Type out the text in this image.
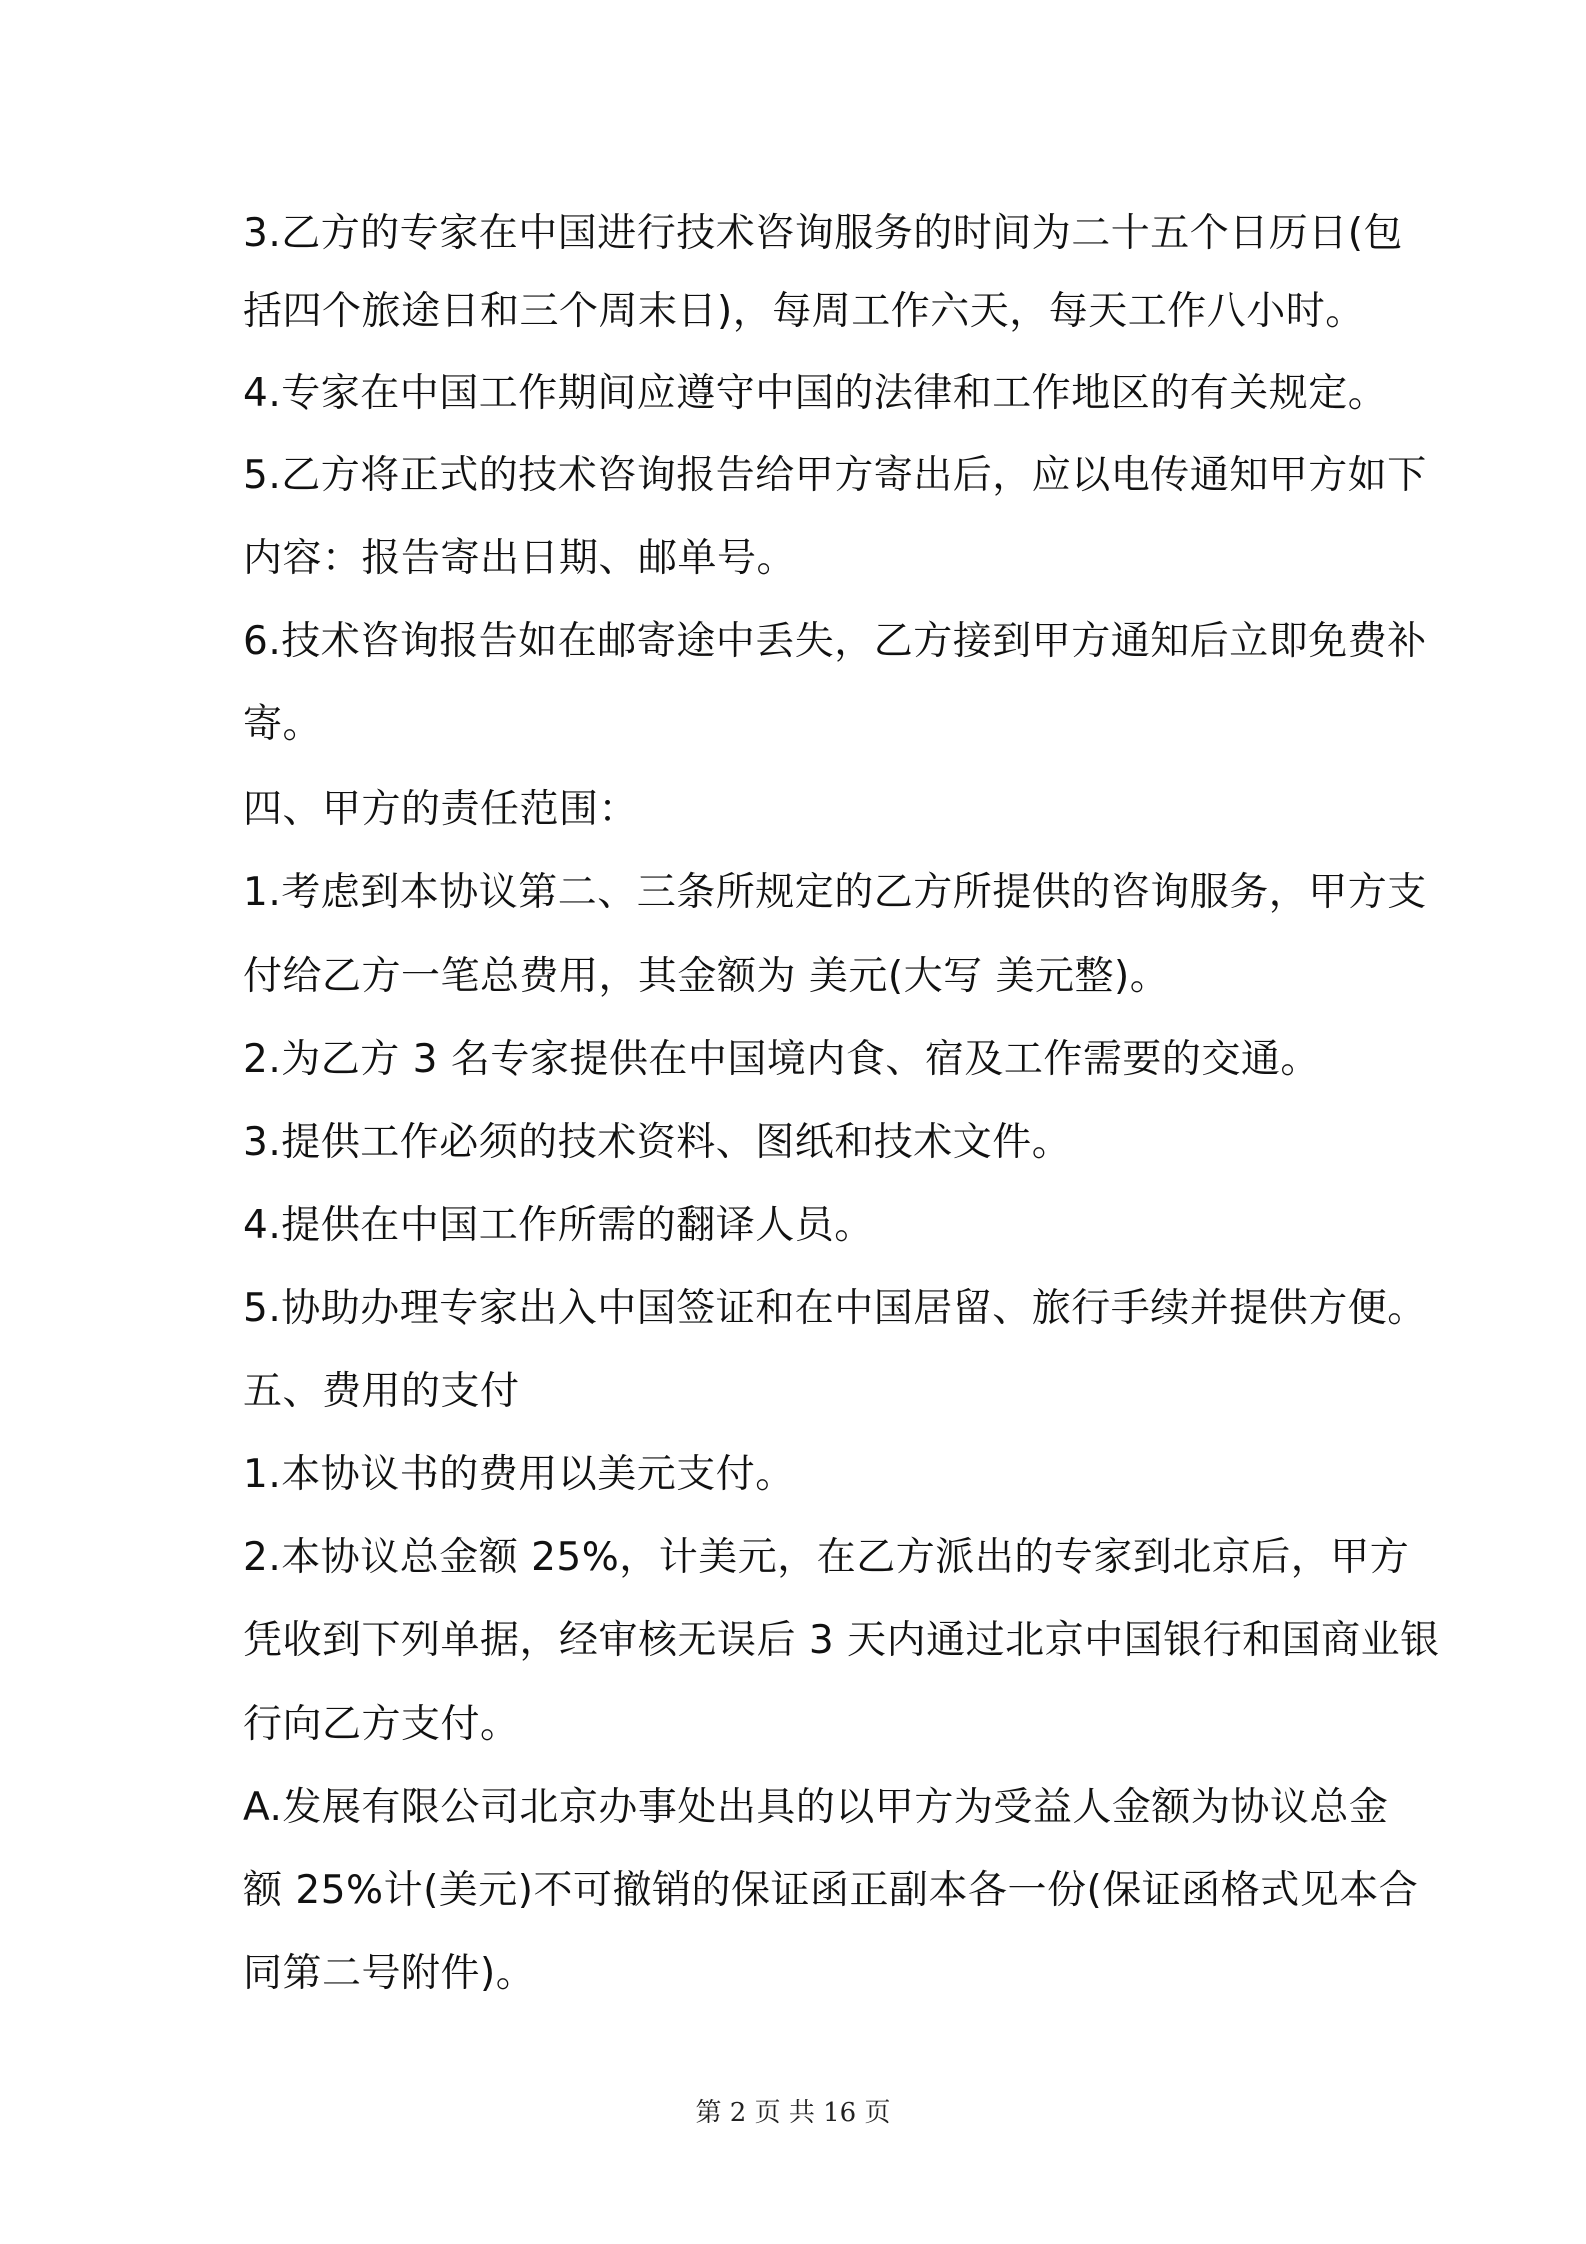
3.乙方的专家在中国进行技术咨询服务的时间为二十五个日历日(包
括四个旅途日和三个周末日)，每周工作六天，每天工作八小时。
4.专家在中国工作期间应遵守中国的法律和工作地区的有关规定。
5.乙方将正式的技术咨询报告给甲方寄出后，应以电传通知甲方如下
内容：报告寄出日期、邮单号。
6.技术咨询报告如在邮寄途中丢失，乙方接到甲方通知后立即免费补
寄。
四、甲方的责任范围：
1.考虑到本协议第二、三条所规定的乙方所提供的咨询服务，甲方支
付给乙方一笔总费用，其金额为 美元(大写 美元整)。
2.为乙方 3 名专家提供在中国境内食、宿及工作需要的交通。
3.提供工作必须的技术资料、图纸和技术文件。
4.提供在中国工作所需的翻译人员。
5.协助办理专家出入中国签证和在中国居留、旅行手续并提供方便。
五、费用的支付
1.本协议书的费用以美元支付。
2.本协议总金额 25%，计美元，在乙方派出的专家到北京后，甲方
凭收到下列单据，经审核无误后 3 天内通过北京中国银行和国商业银
行向乙方支付。
A.发展有限公司北京办事处出具的以甲方为受益人金额为协议总金
额 25%计(美元)不可撤销的保证函正副本各一份(保证函格式见本合
同第二号附件)。
第 2 页 共 16 页
